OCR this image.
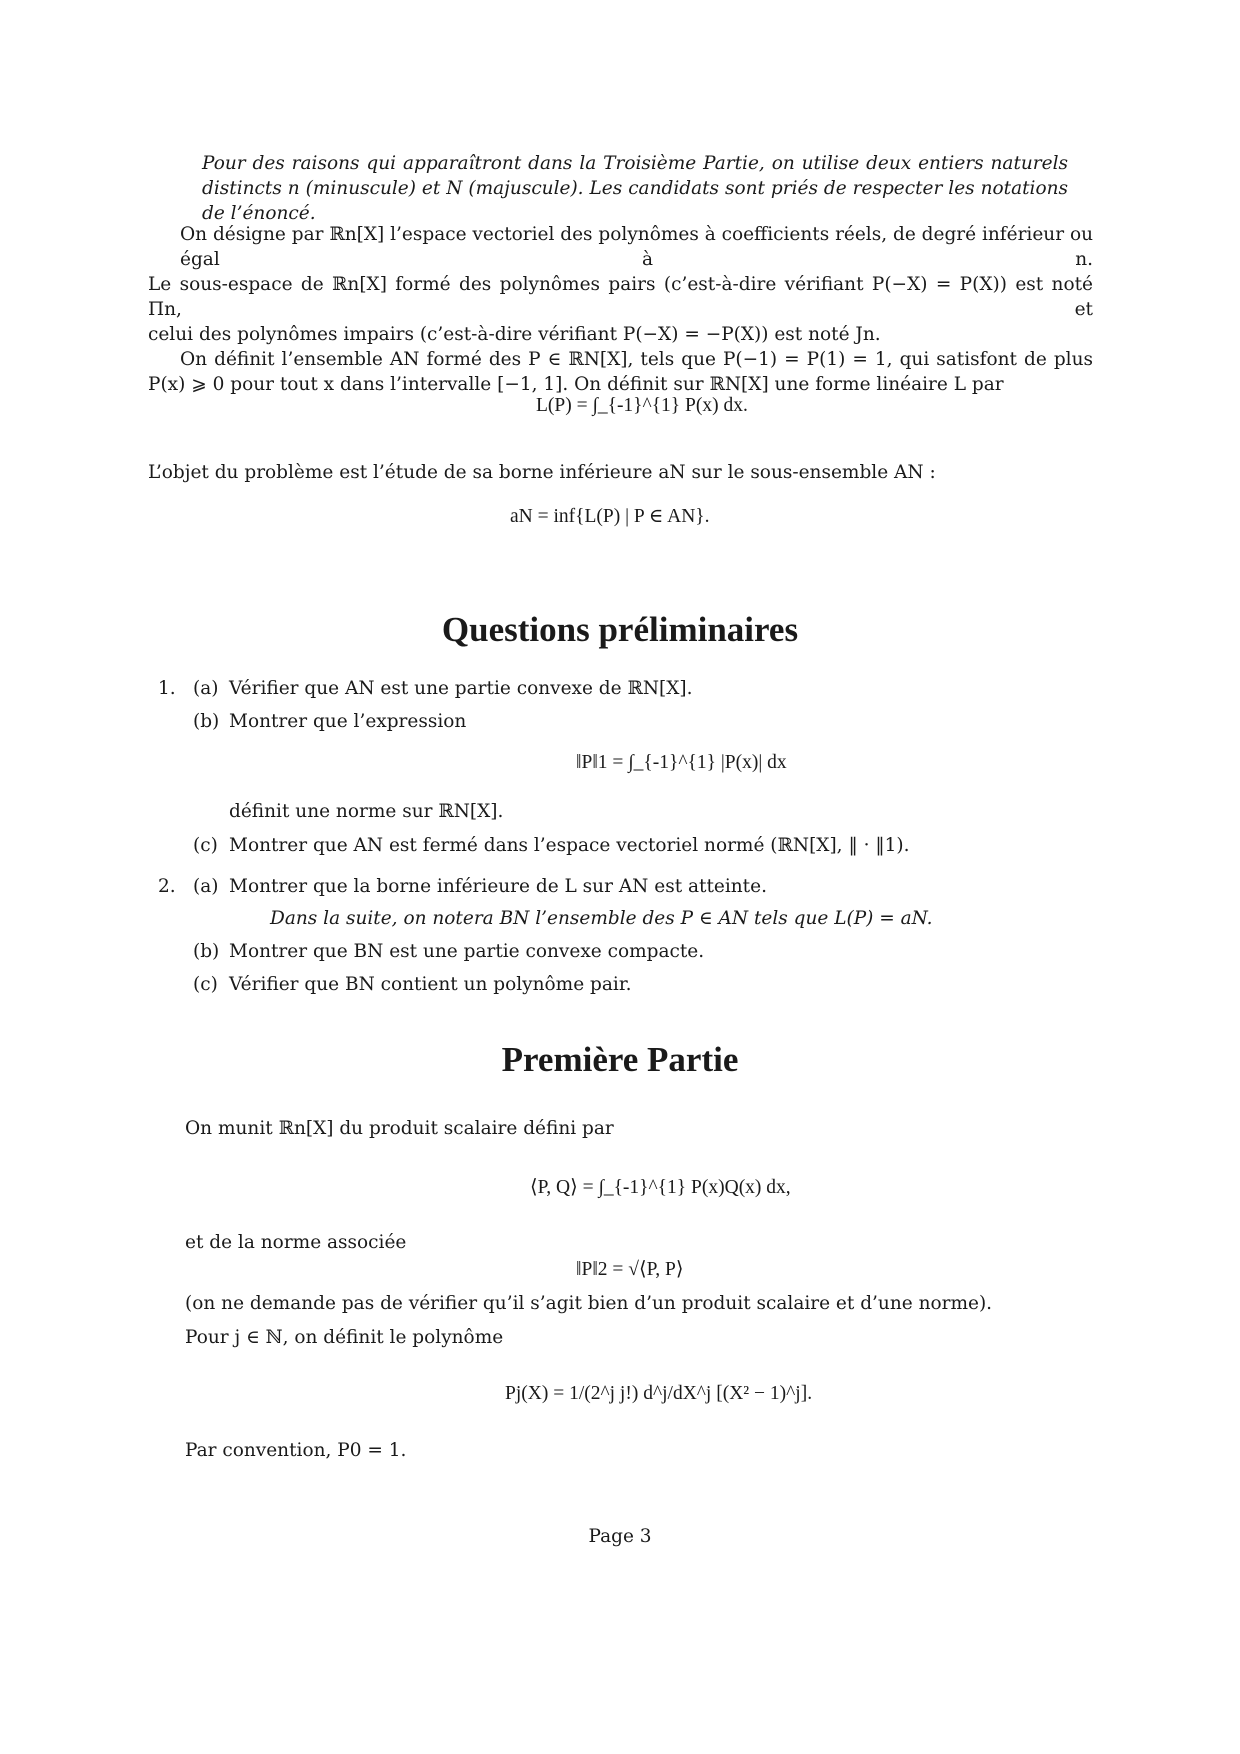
Pour des raisons qui apparaîtront dans la Troisième Partie, on utilise deux entiers naturels
distincts n (minuscule) et N (majuscule). Les candidats sont priés de respecter les notations
de l’énoncé.
On désigne par ℝn[X] l’espace vectoriel des polynômes à coefficients réels, de degré inférieur ou égal à n.
Le sous-espace de ℝn[X] formé des polynômes pairs (c’est-à-dire vérifiant P(−X) = P(X)) est noté Πn, et
celui des polynômes impairs (c’est-à-dire vérifiant P(−X) = −P(X)) est noté Jn.
On définit l’ensemble AN formé des P ∈ ℝN[X], tels que P(−1) = P(1) = 1, qui satisfont de plus
P(x) ⩾ 0 pour tout x dans l’intervalle [−1, 1]. On définit sur ℝN[X] une forme linéaire L par
L(P) = ∫_{-1}^{1} P(x) dx.
L’objet du problème est l’étude de sa borne inférieure aN sur le sous-ensemble AN :
aN = inf{L(P) | P ∈ AN}.
Questions préliminaires
1. (a) Vérifier que AN est une partie convexe de ℝN[X].
(b) Montrer que l’expression
‖P‖1 = ∫_{-1}^{1} |P(x)| dx
définit une norme sur ℝN[X].
(c) Montrer que AN est fermé dans l’espace vectoriel normé (ℝN[X], ‖ · ‖1).
2. (a) Montrer que la borne inférieure de L sur AN est atteinte.
Dans la suite, on notera BN l’ensemble des P ∈ AN tels que L(P) = aN.
(b) Montrer que BN est une partie convexe compacte.
(c) Vérifier que BN contient un polynôme pair.
Première Partie
On munit ℝn[X] du produit scalaire défini par
⟨P, Q⟩ = ∫_{-1}^{1} P(x)Q(x) dx,
et de la norme associée
‖P‖2 = √⟨P, P⟩
(on ne demande pas de vérifier qu’il s’agit bien d’un produit scalaire et d’une norme).
Pour j ∈ ℕ, on définit le polynôme
Pj(X) = 1/(2^j j!) d^j/dX^j [(X² − 1)^j].
Par convention, P0 = 1.
Page 3
